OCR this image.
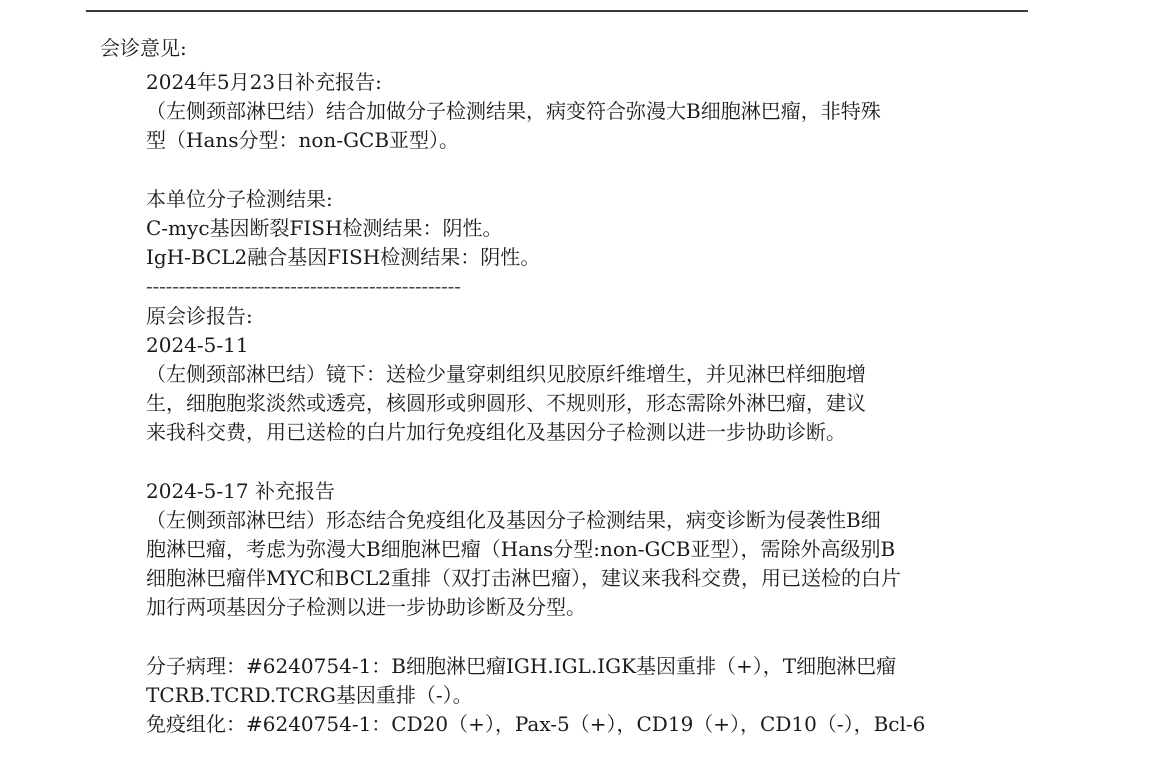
会诊意见:
2024年5月23日补充报告:
（左侧颈部淋巴结）结合加做分子检测结果，病变符合弥漫大B细胞淋巴瘤，非特殊
型（Hans分型：non-GCB亚型）。
本单位分子检测结果:
C-myc基因断裂FISH检测结果：阴性。
IgH-BCL2融合基因FISH检测结果：阴性。
------------------------------------------------
原会诊报告:
2024-5-11
（左侧颈部淋巴结）镜下：送检少量穿刺组织见胶原纤维增生，并见淋巴样细胞增
生，细胞胞浆淡然或透亮，核圆形或卵圆形、不规则形，形态需除外淋巴瘤，建议
来我科交费，用已送检的白片加行免疫组化及基因分子检测以进一步协助诊断。
2024-5-17 补充报告
（左侧颈部淋巴结）形态结合免疫组化及基因分子检测结果，病变诊断为侵袭性B细
胞淋巴瘤，考虑为弥漫大B细胞淋巴瘤（Hans分型:non-GCB亚型），需除外高级别B
细胞淋巴瘤伴MYC和BCL2重排（双打击淋巴瘤），建议来我科交费，用已送检的白片
加行两项基因分子检测以进一步协助诊断及分型。
分子病理：#6240754-1：B细胞淋巴瘤IGH.IGL.IGK基因重排（+），T细胞淋巴瘤
TCRB.TCRD.TCRG基因重排（-）。
免疫组化：#6240754-1：CD20（+），Pax-5（+），CD19（+），CD10（-），Bcl-6
